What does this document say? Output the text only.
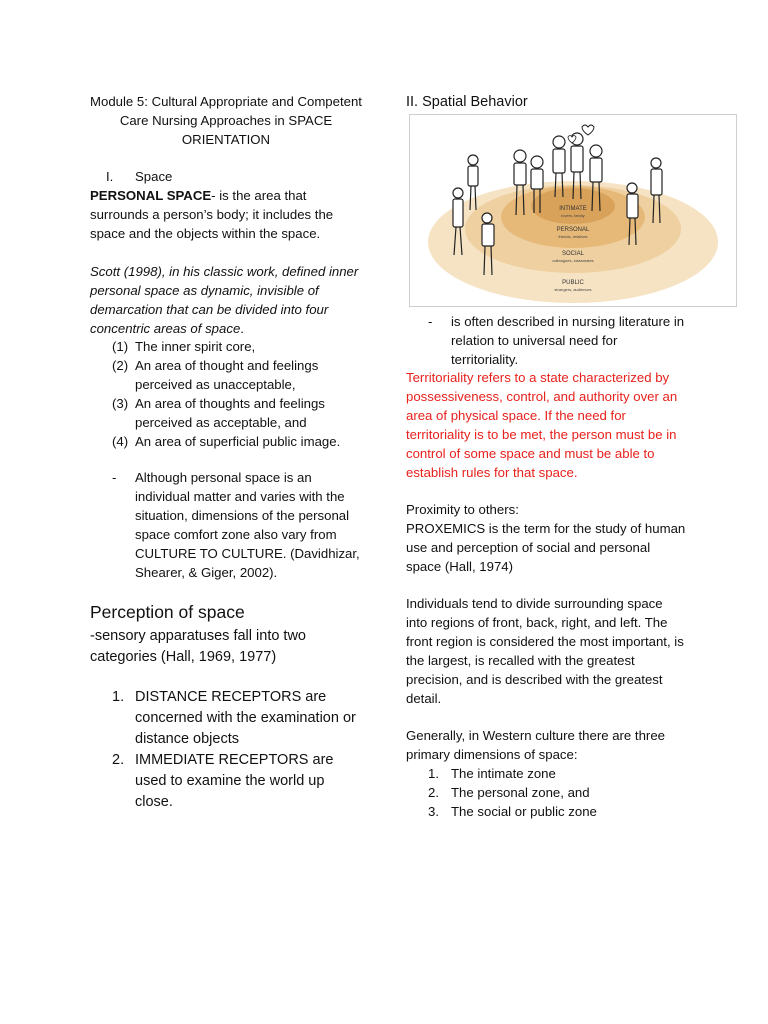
Module 5: Cultural Appropriate and Competent Care Nursing Approaches in SPACE ORIENTATION

I. Space

PERSONAL SPACE- is the area that surrounds a person’s body; it includes the space and the objects within the space.

Scott (1998), in his classic work, defined inner personal space as dynamic, invisible of demarcation that can be divided into four concentric areas of space.

(1) The inner spirit core,
(2) An area of thought and feelings perceived as unacceptable,
(3) An area of thoughts and feelings perceived as acceptable, and
(4) An area of superficial public image.
- Although personal space is an individual matter and varies with the situation, dimensions of the personal space comfort zone also vary from CULTURE TO CULTURE. (Davidhizar, Shearer, & Giger, 2002).

Perception of space

-sensory apparatuses fall into two categories (Hall, 1969, 1977)

1. DISTANCE RECEPTORS are concerned with the examination or distance objects
2. IMMEDIATE RECEPTORS are used to examine the world up close.

II. Spatial Behavior

INTIMATE
lovers, family
PERSONAL
friends, relatives
SOCIAL
colleagues, classmates
PUBLIC
strangers, audiences
- is often described in nursing literature in relation to universal need for territoriality.

Territoriality refers to a state characterized by possessiveness, control, and authority over an area of physical space. If the need for territoriality is to be met, the person must be in control of some space and must be able to establish rules for that space.

Proximity to others:

PROXEMICS is the term for the study of human use and perception of social and personal space (Hall, 1974)

Individuals tend to divide surrounding space into regions of front, back, right, and left. The front region is considered the most important, is the largest, is recalled with the greatest precision, and is described with the greatest detail.

Generally, in Western culture there are three primary dimensions of space:

1. The intimate zone
2. The personal zone, and
3. The social or public zone
